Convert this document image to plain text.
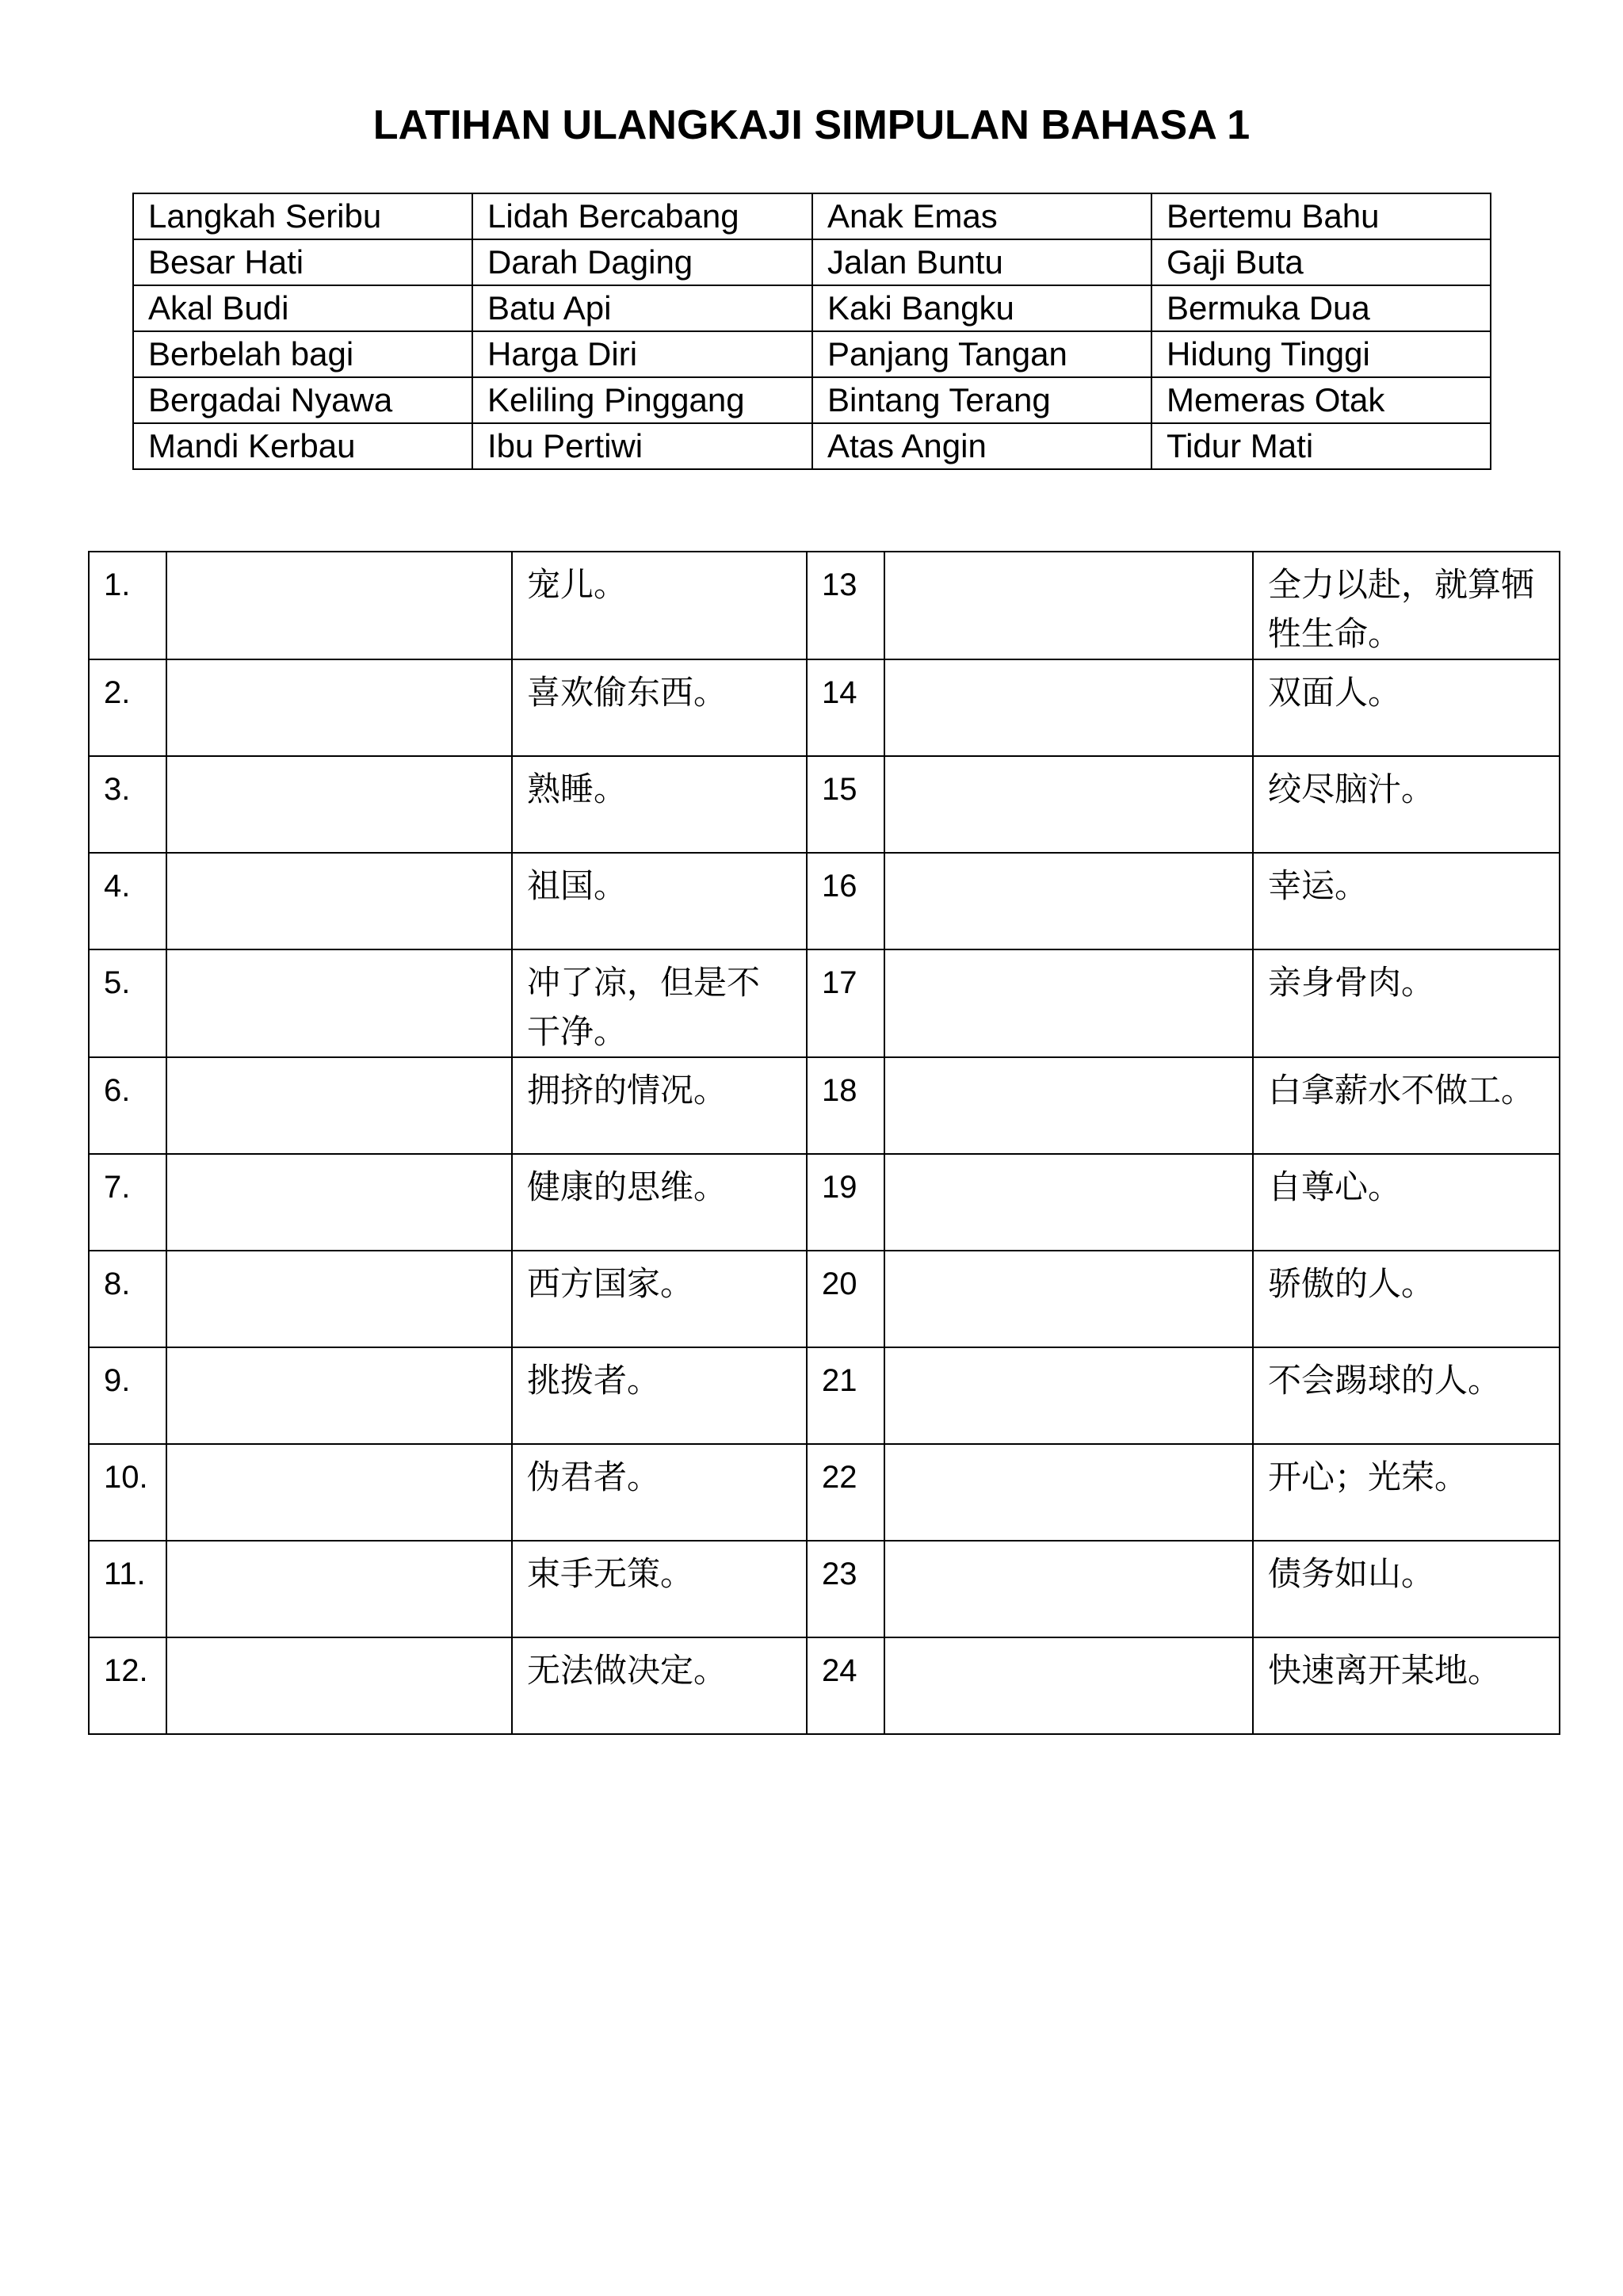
LATIHAN ULANGKAJI SIMPULAN BAHASA 1
Langkah Seribu	Lidah Bercabang	Anak Emas	Bertemu Bahu
Besar Hati	Darah Daging	Jalan Buntu	Gaji Buta
Akal Budi	Batu Api	Kaki Bangku	Bermuka Dua
Berbelah bagi	Harga Diri	Panjang Tangan	Hidung Tinggi
Bergadai Nyawa	Keliling Pinggang	Bintang Terang	Memeras Otak
Mandi Kerbau	Ibu Pertiwi	Atas Angin	Tidur Mati
1.		宠儿。	13		全力以赴，就算牺牲生命。
2.		喜欢偷东西。	14		双面人。
3.		熟睡。	15		绞尽脑汁。
4.		祖国。	16		幸运。
5.		冲了凉，但是不干净。	17		亲身骨肉。
6.		拥挤的情况。	18		白拿薪水不做工。
7.		健康的思维。	19		自尊心。
8.		西方国家。	20		骄傲的人。
9.		挑拨者。	21		不会踢球的人。
10.		伪君者。	22		开心；光荣。
11.		束手无策。	23		债务如山。
12.		无法做决定。	24		快速离开某地。
